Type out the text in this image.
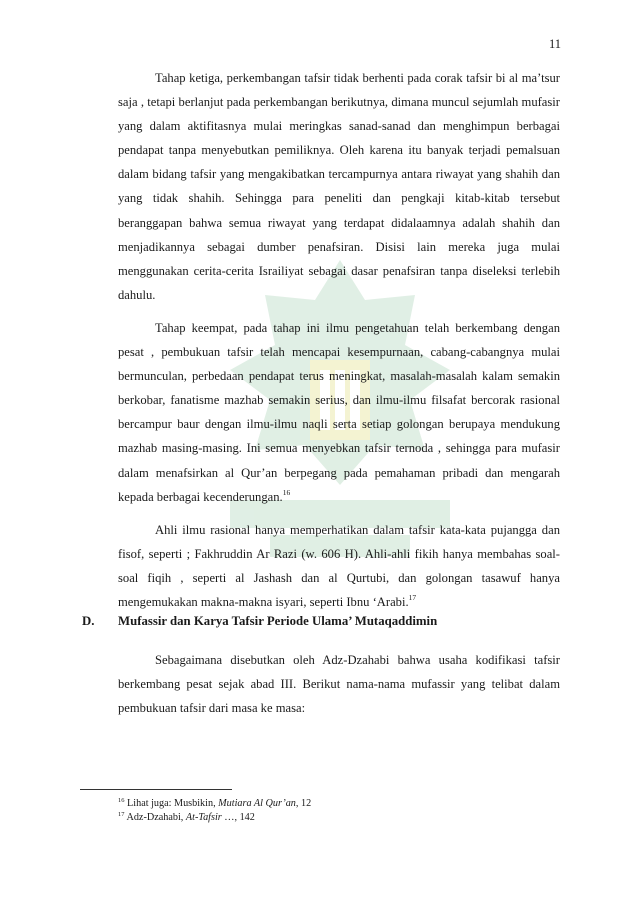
11

Tahap ketiga, perkembangan tafsir tidak berhenti pada corak tafsir bi al ma’tsur saja , tetapi berlanjut pada perkembangan berikutnya, dimana muncul sejumlah mufasir yang dalam aktifitasnya mulai meringkas sanad-sanad dan menghimpun berbagai pendapat tanpa menyebutkan pemiliknya. Oleh karena itu banyak terjadi pemalsuan dalam bidang tafsir yang mengakibatkan tercampurnya antara riwayat yang shahih dan yang tidak shahih. Sehingga para peneliti dan pengkaji kitab-kitab tersebut beranggapan bahwa semua riwayat yang terdapat didalaamnya adalah shahih dan menjadikannya sebagai dumber penafsiran. Disisi lain mereka juga mulai menggunakan cerita-cerita Israiliyat sebagai dasar penafsiran tanpa diseleksi terlebih dahulu.

Tahap keempat, pada tahap ini ilmu pengetahuan telah berkembang dengan pesat , pembukuan tafsir telah mencapai kesempurnaan, cabang-cabangnya mulai bermunculan, perbedaan pendapat terus meningkat, masalah-masalah kalam semakin berkobar, fanatisme mazhab semakin serius, dan ilmu-ilmu filsafat bercorak rasional bercampur baur dengan ilmu-ilmu naqli serta setiap golongan berupaya mendukung mazhab masing-masing. Ini semua menyebkan tafsir ternoda , sehingga para mufasir dalam menafsirkan al Qur’an berpegang pada pemahaman pribadi dan mengarah kepada berbagai kecenderungan.$^{16}$

Ahli ilmu rasional hanya memperhatikan dalam tafsir kata-kata pujangga dan fisof, seperti ; Fakhruddin Ar Razi (w. 606 H). Ahli-ahli fikih hanya membahas soal-soal fiqih , seperti al Jashash dan al Qurtubi, dan golongan tasawuf hanya mengemukakan makna-makna isyari, seperti Ibnu ‘Arabi.$^{17}$

D. Mufassir dan Karya Tafsir Periode Ulama’ Mutaqaddimin

Sebagaimana disebutkan oleh Adz-Dzahabi bahwa usaha kodifikasi tafsir berkembang pesat sejak abad III. Berikut nama-nama mufassir yang telibat dalam pembukuan tafsir dari masa ke masa:

$^{16}$ Lihat juga: Musbikin, Mutiara Al Qur’an, 12
$^{17}$ Adz-Dzahabi, At-Tafsir …, 142
